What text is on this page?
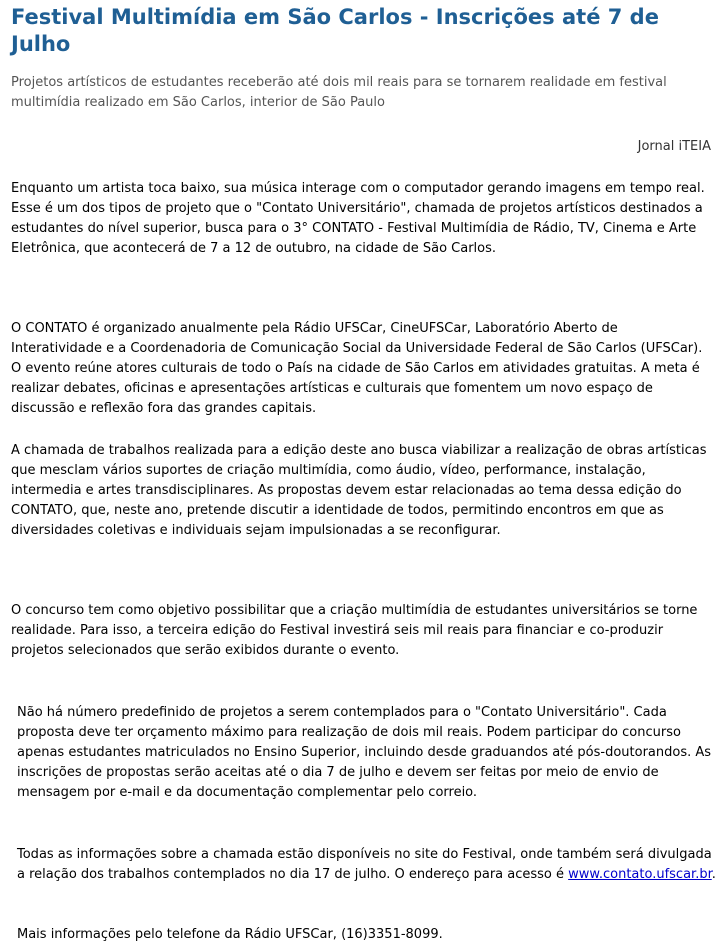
Festival Multimídia em São Carlos - Inscrições até 7 de Julho

Projetos artísticos de estudantes receberão até dois mil reais para se tornarem realidade em festival multimídia realizado em São Carlos, interior de São Paulo

Jornal iTEIA

Enquanto um artista toca baixo, sua música interage com o computador gerando imagens em tempo real. Esse é um dos tipos de projeto que o "Contato Universitário", chamada de projetos artísticos destinados a estudantes do nível superior, busca para o 3° CONTATO - Festival Multimídia de Rádio, TV, Cinema e Arte Eletrônica, que acontecerá de 7 a 12 de outubro, na cidade de São Carlos.

O CONTATO é organizado anualmente pela Rádio UFSCar, CineUFSCar, Laboratório Aberto de Interatividade e a Coordenadoria de Comunicação Social da Universidade Federal de São Carlos (UFSCar). O evento reúne atores culturais de todo o País na cidade de São Carlos em atividades gratuitas. A meta é realizar debates, oficinas e apresentações artísticas e culturais que fomentem um novo espaço de discussão e reflexão fora das grandes capitais.

A chamada de trabalhos realizada para a edição deste ano busca viabilizar a realização de obras artísticas que mesclam vários suportes de criação multimídia, como áudio, vídeo, performance, instalação, intermedia e artes transdisciplinares. As propostas devem estar relacionadas ao tema dessa edição do CONTATO, que, neste ano, pretende discutir a identidade de todos, permitindo encontros em que as diversidades coletivas e individuais sejam impulsionadas a se reconfigurar.

O concurso tem como objetivo possibilitar que a criação multimídia de estudantes universitários se torne realidade. Para isso, a terceira edição do Festival investirá seis mil reais para financiar e co-produzir projetos selecionados que serão exibidos durante o evento.

Não há número predefinido de projetos a serem contemplados para o "Contato Universitário". Cada proposta deve ter orçamento máximo para realização de dois mil reais. Podem participar do concurso apenas estudantes matriculados no Ensino Superior, incluindo desde graduandos até pós-doutorandos. As inscrições de propostas serão aceitas até o dia 7 de julho e devem ser feitas por meio de envio de mensagem por e-mail e da documentação complementar pelo correio.

Todas as informações sobre a chamada estão disponíveis no site do Festival, onde também será divulgada a relação dos trabalhos contemplados no dia 17 de julho. O endereço para acesso é www.contato.ufscar.br.

Mais informações pelo telefone da Rádio UFSCar, (16)3351-8099.
